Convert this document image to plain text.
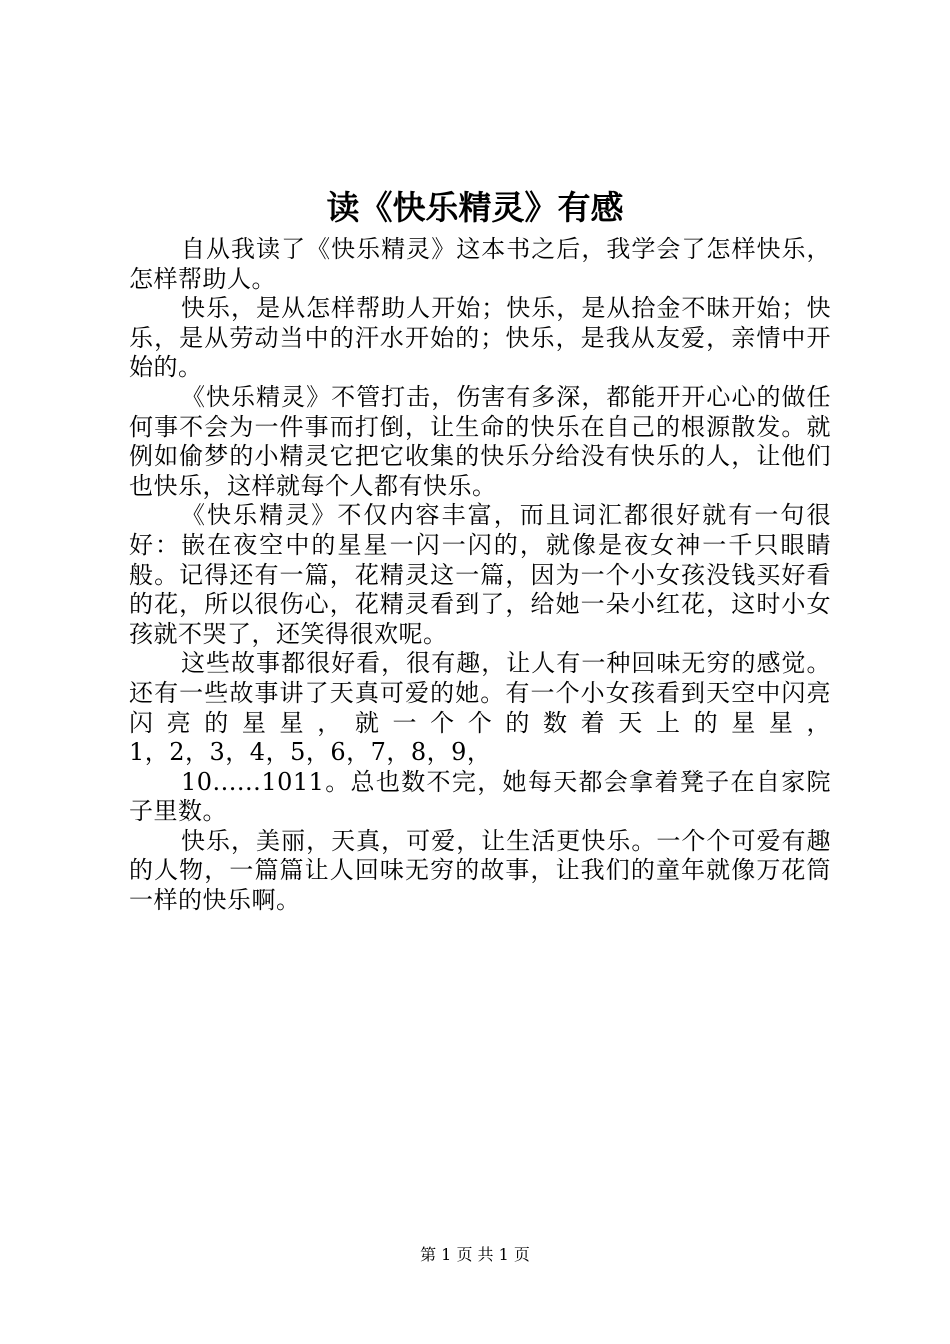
读《快乐精灵》有感

自从我读了《快乐精灵》这本书之后，我学会了怎样快乐，怎样帮助人。

快乐，是从怎样帮助人开始；快乐，是从拾金不昧开始；快乐，是从劳动当中的汗水开始的；快乐，是我从友爱，亲情中开始的。

《快乐精灵》不管打击，伤害有多深，都能开开心心的做任何事不会为一件事而打倒，让生命的快乐在自己的根源散发。就例如偷梦的小精灵它把它收集的快乐分给没有快乐的人，让他们也快乐，这样就每个人都有快乐。

《快乐精灵》不仅内容丰富，而且词汇都很好就有一句很好：嵌在夜空中的星星一闪一闪的，就像是夜女神一千只眼睛般。记得还有一篇，花精灵这一篇，因为一个小女孩没钱买好看的花，所以很伤心，花精灵看到了，给她一朵小红花，这时小女孩就不哭了，还笑得很欢呢。

这些故事都很好看，很有趣，让人有一种回味无穷的感觉。还有一些故事讲了天真可爱的她。有一个小女孩看到天空中闪亮闪亮的星星，就一个个的数着天上的星星，

1，2，3，4，5，6，7，8，9，

10......1011。总也数不完，她每天都会拿着凳子在自家院子里数。

快乐，美丽，天真，可爱，让生活更快乐。一个个可爱有趣的人物，一篇篇让人回味无穷的故事，让我们的童年就像万花筒一样的快乐啊。

第 1 页 共 1 页
